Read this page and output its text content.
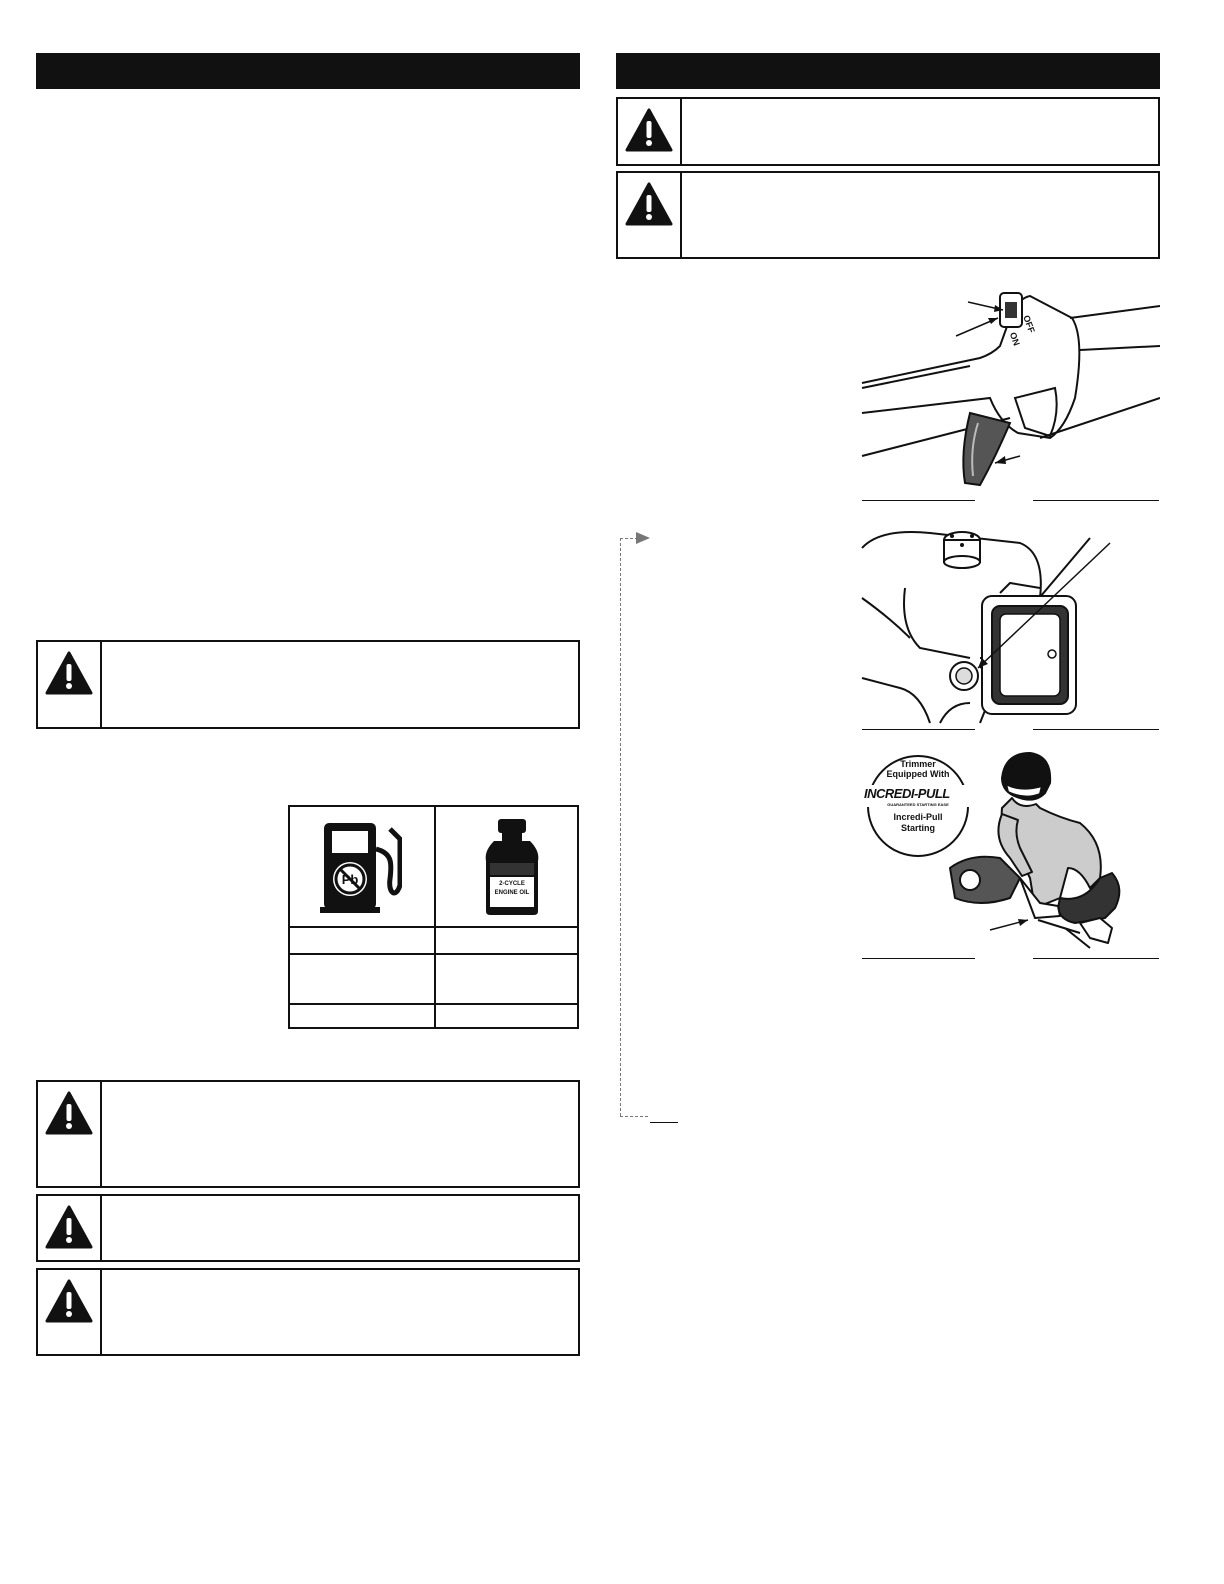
Pb	2-CYCLE
ENGINE OIL
ON
OFF
Trimmer
Equipped With
INCREDI-PULL
GUARANTEED STARTING EASE
Incredi-Pull
Starting
